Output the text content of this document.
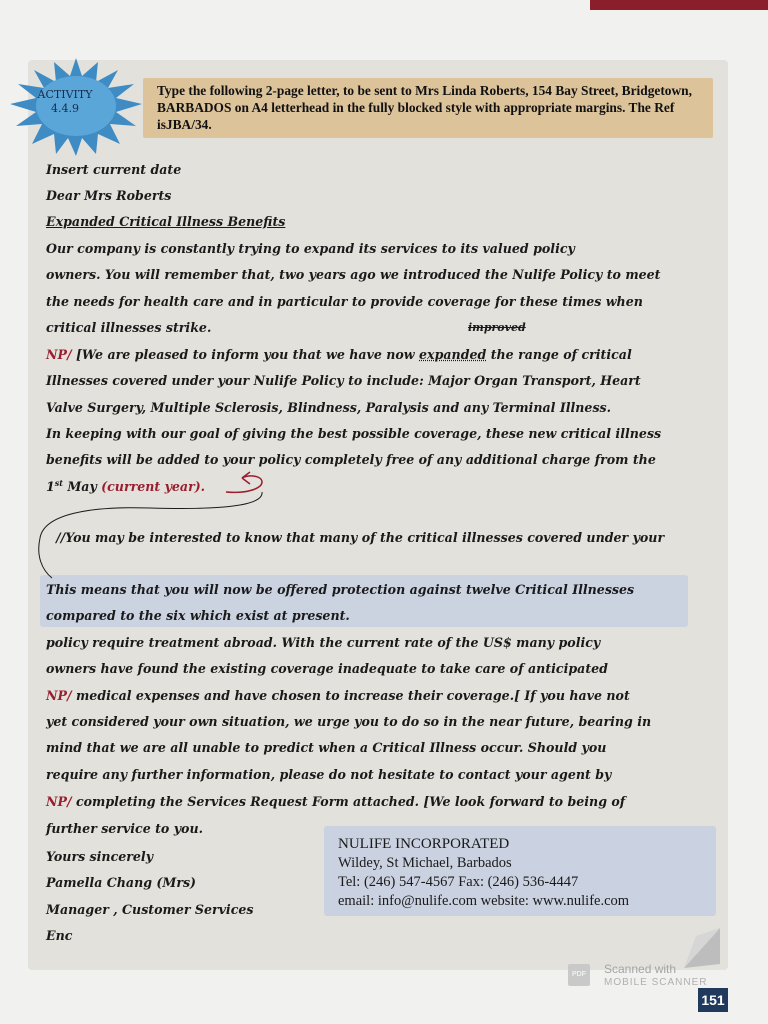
ACTIVITY
4.4.9
Type the following 2-page letter, to be sent to Mrs Linda Roberts, 154 Bay Street, Bridgetown, BARBADOS on A4 letterhead in the fully blocked style with appropriate margins. The Ref isJBA/34.
Insert current date
Dear Mrs Roberts
Expanded Critical Illness Benefits
Our company is constantly trying to expand its services to its valued policy
owners. You will remember that, two years ago we introduced the Nulife Policy to meet
the needs for health care and in particular to provide coverage for these times when
critical illnesses strike.	improved
NP/ [We are pleased to inform you that we have now expanded the range of critical
Illnesses covered under your Nulife Policy to include: Major Organ Transport, Heart
Valve Surgery, Multiple Sclerosis, Blindness, Paralysis and any Terminal Illness.
In keeping with our goal of giving the best possible coverage, these new critical illness
benefits will be added to your policy completely free of any additional charge from the
1st May (current year).
//You may be interested to know that many of the critical illnesses covered under your
This means that you will now be offered protection against twelve Critical Illnesses
compared to the six which exist at present.
policy require treatment abroad. With the current rate of the US$ many policy
owners have found the existing coverage inadequate to take care of anticipated
NP/ medical expenses and have chosen to increase their coverage.[ If you have not
yet considered your own situation, we urge you to do so in the near future, bearing in
mind that we are all unable to predict when a Critical Illness occur. Should you
require any further information, please do not hesitate to contact your agent by
NP/ completing the Services Request Form attached. [We look forward to being of
further service to you.
Yours sincerely
Pamella Chang (Mrs)
Manager , Customer Services
Enc
NULIFE INCORPORATED
Wildey, St Michael, Barbados
Tel: (246) 547-4567 Fax: (246) 536-4447
email: info@nulife.com website: www.nulife.com
PDF	Scanned with
MOBILE SCANNER
151
